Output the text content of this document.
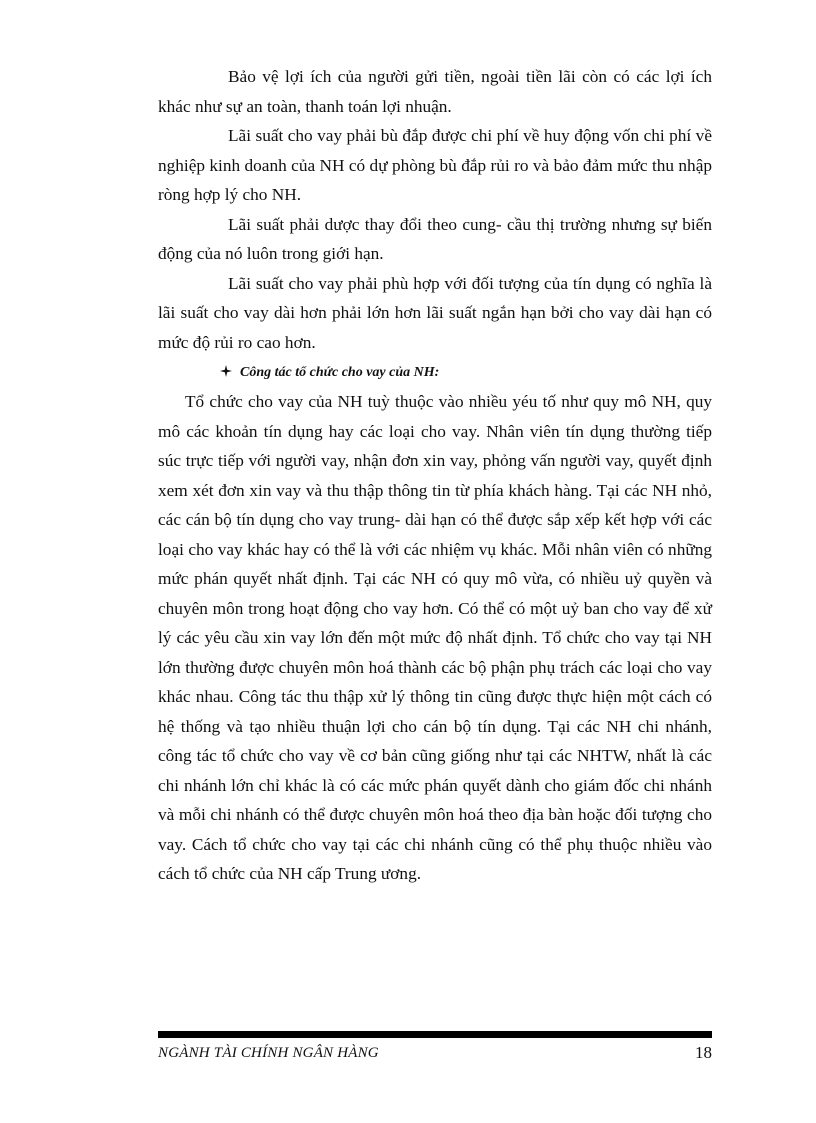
Bảo vệ lợi ích của người gửi tiền, ngoài tiền lãi còn có các lợi ích khác như sự an toàn, thanh toán lợi nhuận.

Lãi suất cho vay phải bù đắp được chi phí về huy động vốn chi phí về nghiệp kinh doanh của NH có dự phòng bù đắp rủi ro và bảo đảm mức thu nhập ròng hợp lý cho NH.

Lãi suất phải dược thay đổi theo cung- cầu thị trường nhưng sự biến động của nó luôn trong giới hạn.

Lãi suất cho vay phải phù hợp với đối tượng của tín dụng có nghĩa là lãi suất cho vay dài hơn phải lớn hơn lãi suất ngắn hạn bởi cho vay dài hạn có mức độ rủi ro cao hơn.

Công tác tổ chức cho vay của NH:

Tổ chức cho vay của NH tuỳ thuộc vào nhiều yéu tố như quy mô NH, quy mô các khoản tín dụng hay các loại cho vay. Nhân viên tín dụng thường tiếp súc trực tiếp với người vay, nhận đơn xin vay, phỏng vấn người vay, quyết định xem xét đơn xin vay và thu thập thông tin từ phía khách hàng. Tại các NH nhỏ, các cán bộ tín dụng cho vay trung- dài hạn có thể được sắp xếp kết hợp với các loại cho vay khác hay có thể là với các nhiệm vụ khác. Mỗi nhân viên có những mức phán quyết nhất định. Tại các NH có quy mô vừa, có nhiều uỷ quyền và chuyên môn trong hoạt động cho vay hơn. Có thể có một uỷ ban cho vay để xử lý các yêu cầu xin vay lớn đến một mức độ nhất định. Tổ chức cho vay tại NH lớn thường được chuyên môn hoá thành các bộ phận phụ trách các loại cho vay khác nhau. Công tác thu thập xử lý thông tin cũng được thực hiện một cách có hệ thống và tạo nhiều thuận lợi cho cán bộ tín dụng. Tại các NH chi nhánh, công tác tổ chức cho vay về cơ bản cũng giống như tại các NHTW, nhất là các chi nhánh lớn chỉ khác là có các mức phán quyết dành cho giám đốc chi nhánh và mỗi chi nhánh có thể được chuyên môn hoá theo địa bàn hoặc đối tượng cho vay. Cách tổ chức cho vay tại các chi nhánh cũng có thể phụ thuộc nhiều vào cách tổ chức của NH cấp Trung ương.

NGÀNH TÀI CHÍNH NGÂN HÀNG	18
